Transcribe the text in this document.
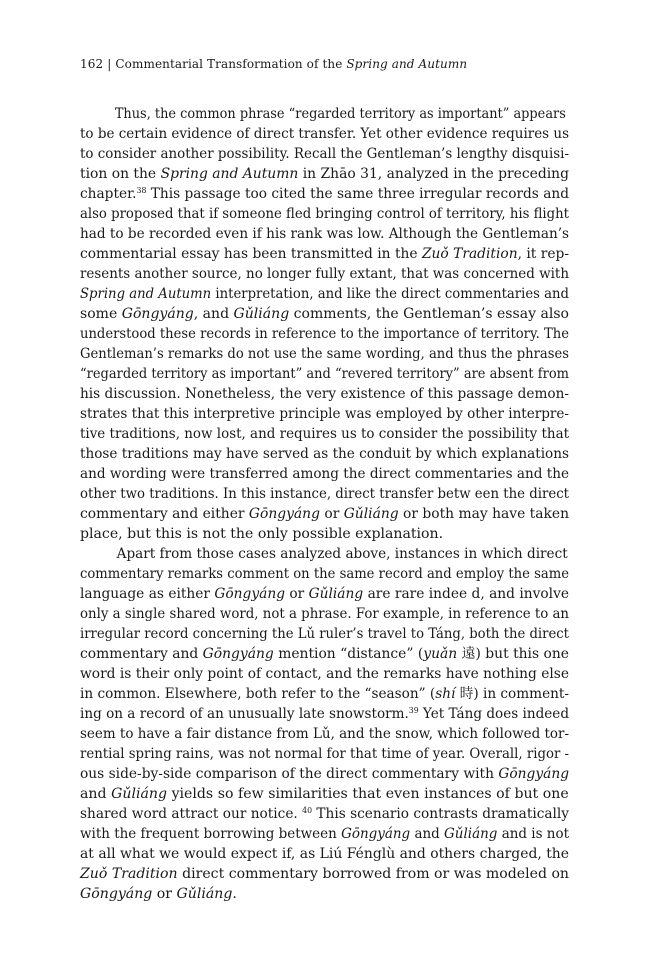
162 | Commentarial Transformation of the Spring and Autumn
Thus, the common phrase “regarded territory as important” appears
to be certain evidence of direct transfer. Yet other evidence requires us
to consider another possibility. Recall the Gentleman’s lengthy disquisi-
tion on the Spring and Autumn in Zhāo 31, analyzed in the preceding
chapter.$^{38}$ This passage too cited the same three irregular records and
also proposed that if someone fled bringing control of territory, his flight
had to be recorded even if his rank was low. Although the Gentleman’s
commentarial essay has been transmitted in the Zuǒ Tradition, it rep-
resents another source, no longer fully extant, that was concerned with
Spring and Autumn interpretation, and like the direct commentaries and
some Gōngyáng, and Gǔliáng comments, the Gentleman’s essay also
understood these records in reference to the importance of territory. The
Gentleman’s remarks do not use the same wording, and thus the phrases
“regarded territory as important” and “revered territory” are absent from
his discussion. Nonetheless, the very existence of this passage demon-
strates that this interpretive principle was employed by other interpre-
tive traditions, now lost, and requires us to consider the possibility that
those traditions may have served as the conduit by which explanations
and wording were transferred among the direct commentaries and the
other two traditions. In this instance, direct transfer betw een the direct
commentary and either Gōngyáng or Gǔliáng or both may have taken
place, but this is not the only possible explanation.
Apart from those cases analyzed above, instances in which direct
commentary remarks comment on the same record and employ the same
language as either Gōngyáng or Gǔliáng are rare indee d, and involve
only a single shared word, not a phrase. For example, in reference to an
irregular record concerning the Lǔ ruler’s travel to Táng, both the direct
commentary and Gōngyáng mention “distance” (yuǎn 遠) but this one
word is their only point of contact, and the remarks have nothing else
in common. Elsewhere, both refer to the “season” (shí 時) in comment-
ing on a record of an unusually late snowstorm.$^{39}$ Yet Táng does indeed
seem to have a fair distance from Lǔ, and the snow, which followed tor-
rential spring rains, was not normal for that time of year. Overall, rigor -
ous side-by-side comparison of the direct commentary with Gōngyáng
and Gǔliáng yields so few similarities that even instances of but one
shared word attract our notice. $^{40}$ This scenario contrasts dramatically
with the frequent borrowing between Gōngyáng and Gǔliáng and is not
at all what we would expect if, as Liú Fénglù and others charged, the
Zuǒ Tradition direct commentary borrowed from or was modeled on
Gōngyáng or Gǔliáng.
